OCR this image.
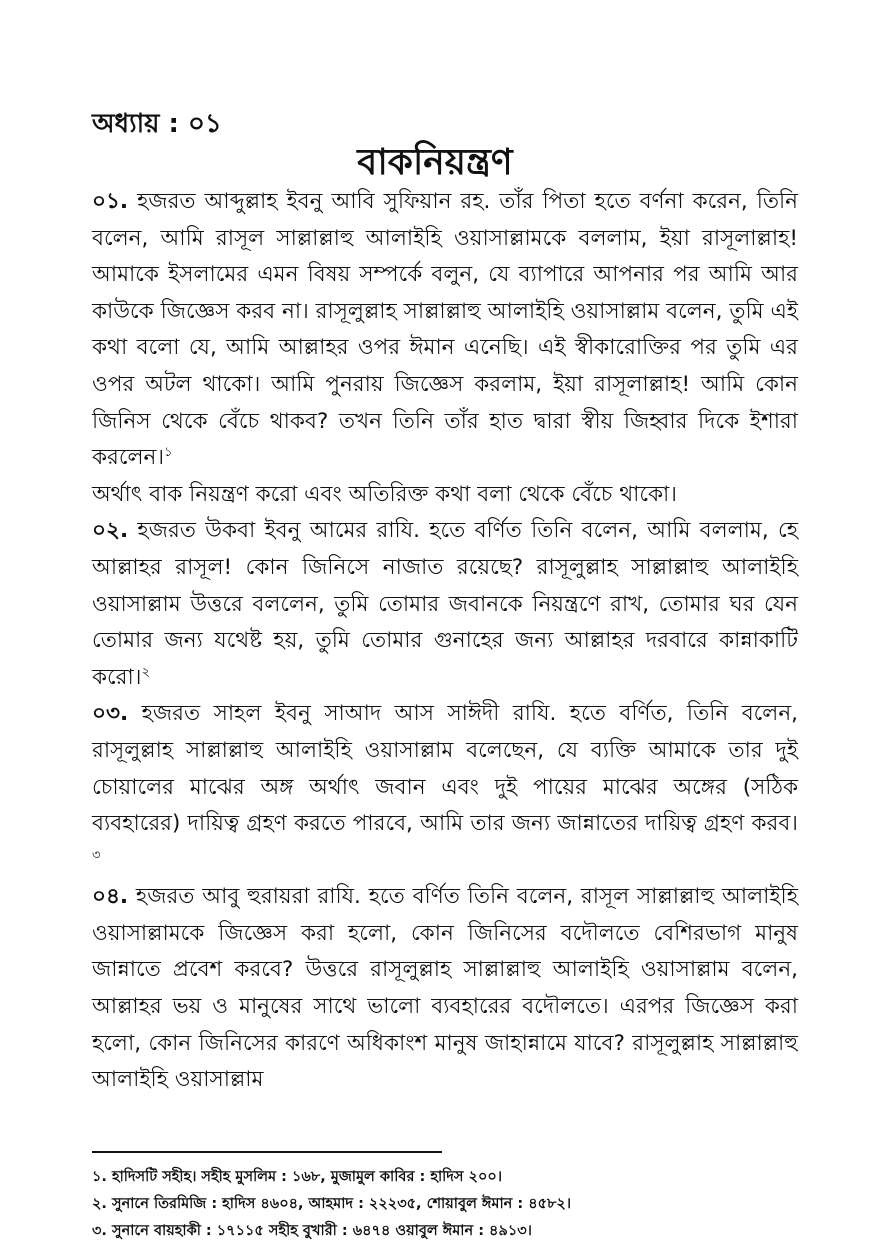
অধ্যায় : ০১
বাকনিয়ন্ত্রণ

০১. হজরত আব্দুল্লাহ ইবনু আবি সুফিয়ান রহ. তাঁর পিতা হতে বর্ণনা করেন, তিনি বলেন, আমি রাসূল সাল্লাল্লাহু আলাইহি ওয়াসাল্লামকে বললাম, ইয়া রাসূলাল্লাহ! আমাকে ইসলামের এমন বিষয় সম্পর্কে বলুন, যে ব্যাপারে আপনার পর আমি আর কাউকে জিজ্ঞেস করব না। রাসূলুল্লাহ সাল্লাল্লাহু আলাইহি ওয়াসাল্লাম বলেন, তুমি এই কথা বলো যে, আমি আল্লাহর ওপর ঈমান এনেছি। এই স্বীকারোক্তির পর তুমি এর ওপর অটল থাকো। আমি পুনরায় জিজ্ঞেস করলাম, ইয়া রাসূলাল্লাহ! আমি কোন জিনিস থেকে বেঁচে থাকব? তখন তিনি তাঁর হাত দ্বারা স্বীয় জিহ্বার দিকে ইশারা করলেন।$^১$

অর্থাৎ বাক নিয়ন্ত্রণ করো এবং অতিরিক্ত কথা বলা থেকে বেঁচে থাকো।

০২. হজরত উকবা ইবনু আমের রাযি. হতে বর্ণিত তিনি বলেন, আমি বললাম, হে আল্লাহর রাসূল! কোন জিনিসে নাজাত রয়েছে? রাসূলুল্লাহ সাল্লাল্লাহু আলাইহি ওয়াসাল্লাম উত্তরে বললেন, তুমি তোমার জবানকে নিয়ন্ত্রণে রাখ, তোমার ঘর যেন তোমার জন্য যথেষ্ট হয়, তুমি তোমার গুনাহের জন্য আল্লাহর দরবারে কান্নাকাটি করো।$^২$

০৩. হজরত সাহল ইবনু সাআদ আস সাঈদী রাযি. হতে বর্ণিত, তিনি বলেন, রাসূলুল্লাহ সাল্লাল্লাহু আলাইহি ওয়াসাল্লাম বলেছেন, যে ব্যক্তি আমাকে তার দুই চোয়ালের মাঝের অঙ্গ অর্থাৎ জবান এবং দুই পায়ের মাঝের অঙ্গের (সঠিক ব্যবহারের) দায়িত্ব গ্রহণ করতে পারবে, আমি তার জন্য জান্নাতের দায়িত্ব গ্রহণ করব।$^৩$

০৪. হজরত আবু হুরায়রা রাযি. হতে বর্ণিত তিনি বলেন, রাসূল সাল্লাল্লাহু আলাইহি ওয়াসাল্লামকে জিজ্ঞেস করা হলো, কোন জিনিসের বদৌলতে বেশিরভাগ মানুষ জান্নাতে প্রবেশ করবে? উত্তরে রাসূলুল্লাহ সাল্লাল্লাহু আলাইহি ওয়াসাল্লাম বলেন, আল্লাহর ভয় ও মানুষের সাথে ভালো ব্যবহারের বদৌলতে। এরপর জিজ্ঞেস করা হলো, কোন জিনিসের কারণে অধিকাংশ মানুষ জাহান্নামে যাবে? রাসূলুল্লাহ সাল্লাল্লাহু আলাইহি ওয়াসাল্লাম

১. হাদিসটি সহীহ। সহীহ মুসলিম : ১৬৮, মুজামুল কাবির : হাদিস ২০০।
২. সুনানে তিরমিজি : হাদিস ৪৬০৪, আহমাদ : ২২২৩৫, শোয়াবুল ঈমান : ৪৫৮২।
৩. সুনানে বায়হাকী : ১৭১১৫ সহীহ বুখারী : ৬৪৭৪ ওয়াবুল ঈমান : ৪৯১৩।
